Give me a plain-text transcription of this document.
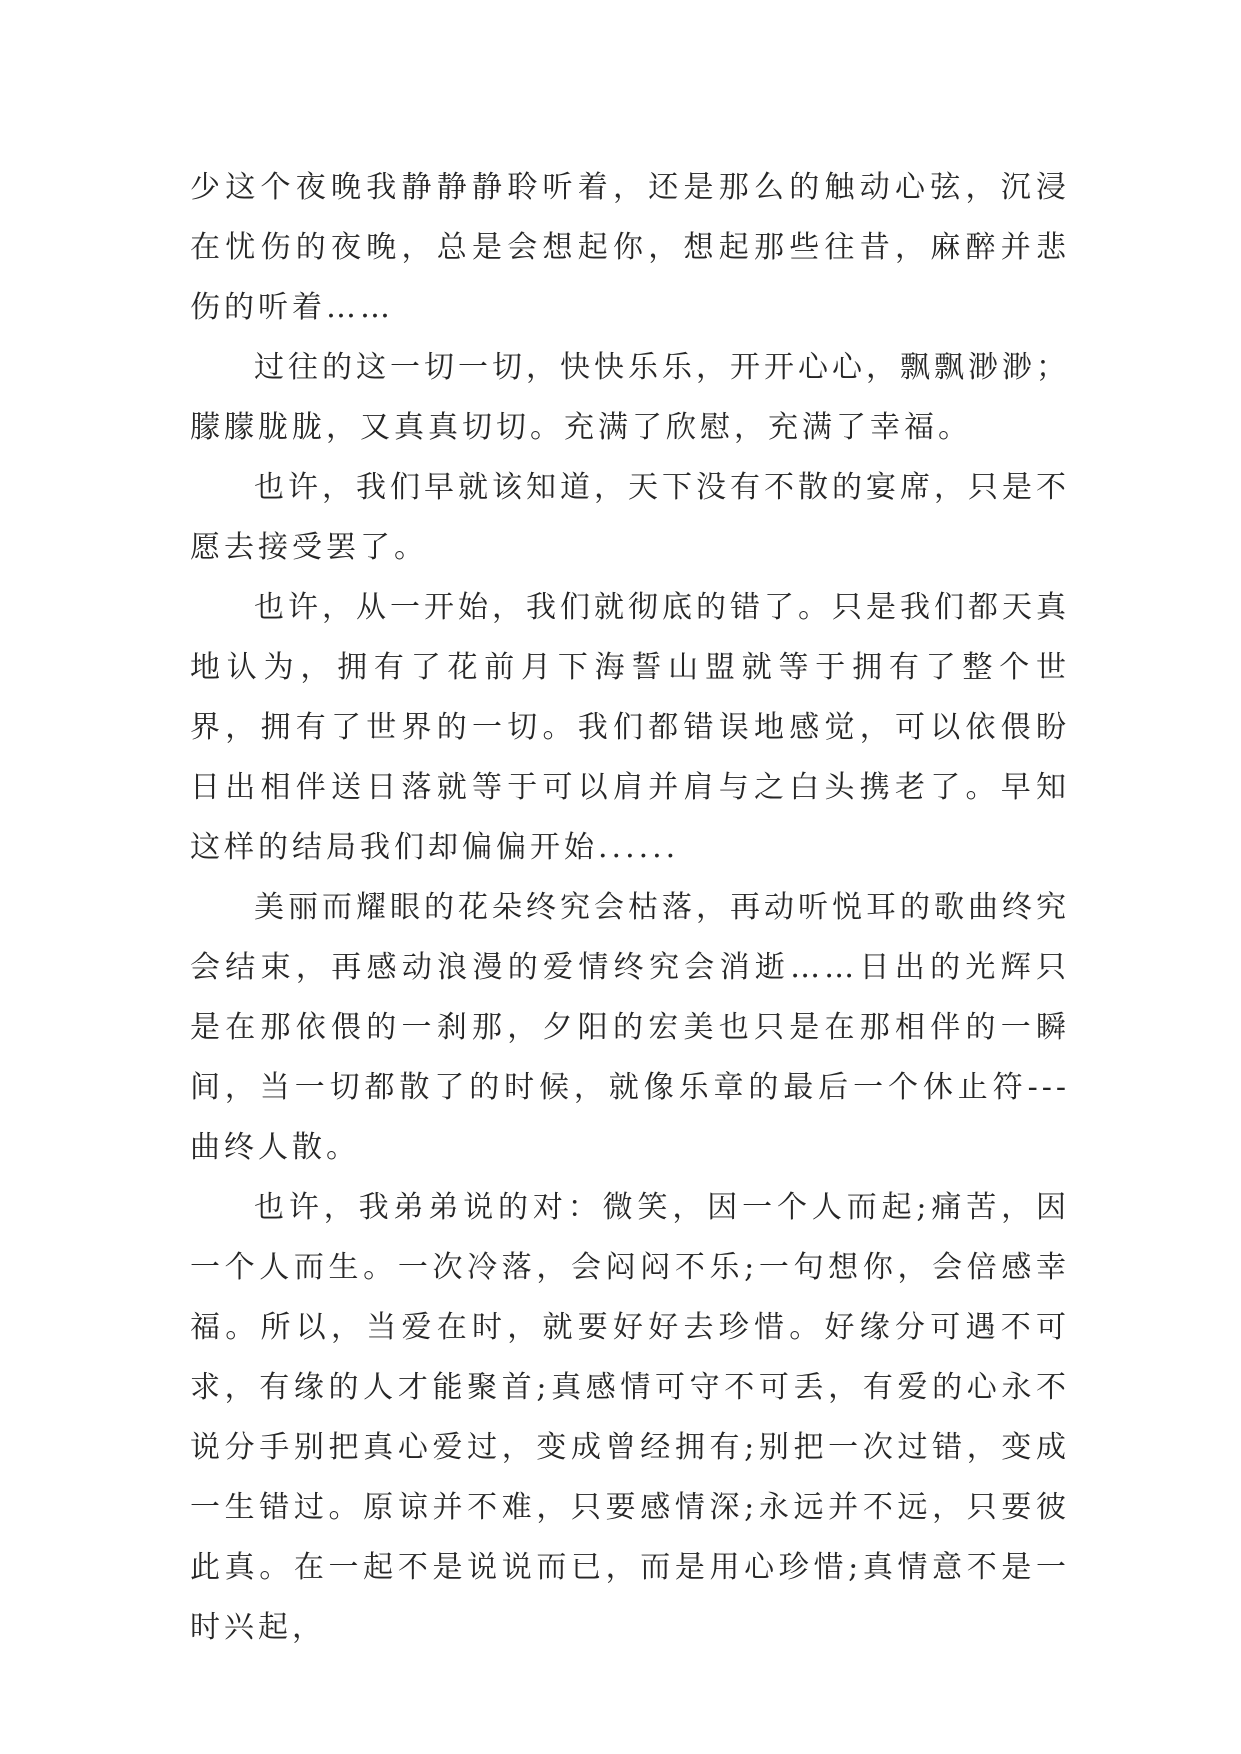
少这个夜晚我静静静聆听着，还是那么的触动心弦，沉浸在忧伤的夜晚，总是会想起你，想起那些往昔，麻醉并悲伤的听着……

过往的这一切一切，快快乐乐，开开心心，飘飘渺渺；朦朦胧胧，又真真切切。充满了欣慰，充满了幸福。

也许，我们早就该知道，天下没有不散的宴席，只是不愿去接受罢了。

也许，从一开始，我们就彻底的错了。只是我们都天真地认为，拥有了花前月下海誓山盟就等于拥有了整个世界，拥有了世界的一切。我们都错误地感觉，可以依偎盼日出相伴送日落就等于可以肩并肩与之白头携老了。早知这样的结局我们却偏偏开始......

美丽而耀眼的花朵终究会枯落，再动听悦耳的歌曲终究会结束，再感动浪漫的爱情终究会消逝……日出的光辉只是在那依偎的一刹那，夕阳的宏美也只是在那相伴的一瞬间，当一切都散了的时候，就像乐章的最后一个休止符---曲终人散。

也许，我弟弟说的对：微笑，因一个人而起;痛苦，因一个人而生。一次冷落，会闷闷不乐;一句想你，会倍感幸福。所以，当爱在时，就要好好去珍惜。好缘分可遇不可求，有缘的人才能聚首;真感情可守不可丢，有爱的心永不说分手别把真心爱过，变成曾经拥有;别把一次过错，变成一生错过。原谅并不难，只要感情深;永远并不远，只要彼此真。在一起不是说说而已，而是用心珍惜;真情意不是一时兴起，
